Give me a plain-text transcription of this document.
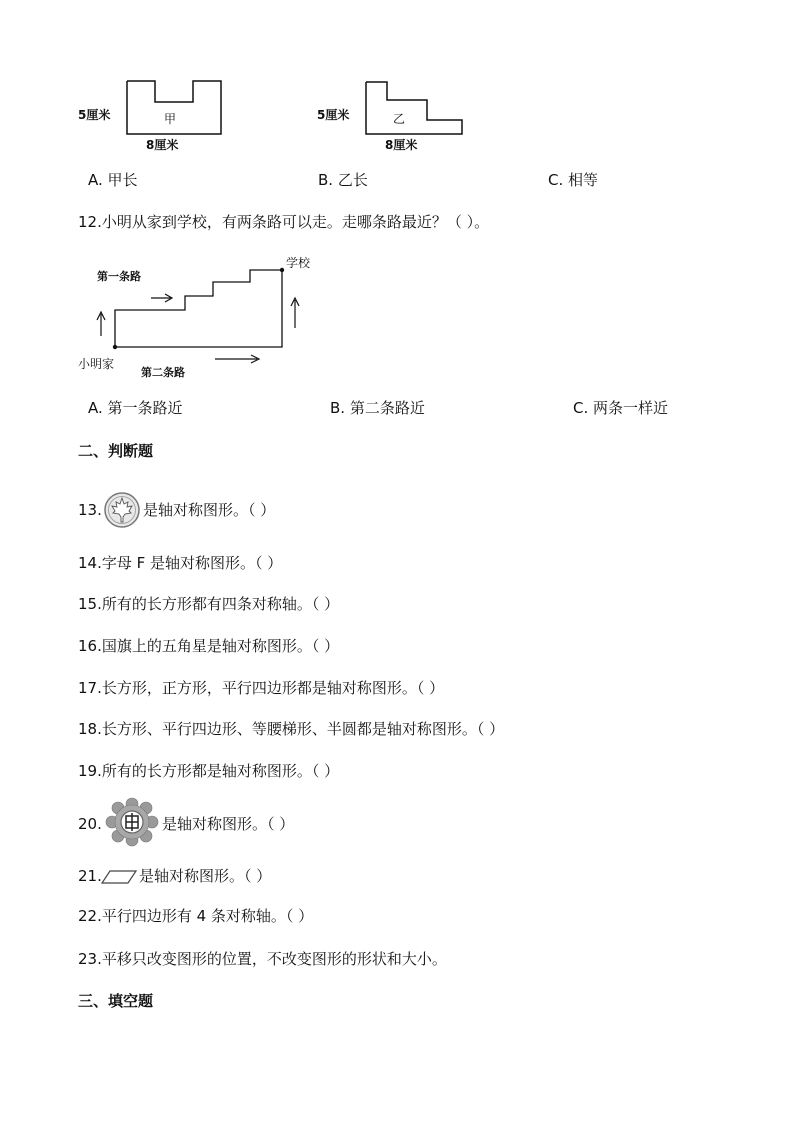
5厘米	甲
8厘米
5厘米	乙
8厘米
A. 甲长	B. 乙长	C. 相等
12.小明从家到学校，有两条路可以走。走哪条路最近？（ ）。
第一条路
第二条路
小明家
学校
A. 第一条路近	B. 第二条路近	C. 两条一样近
二、判断题
13.	是轴对称图形。（ ）
14.字母 F 是轴对称图形。（ ）
15.所有的长方形都有四条对称轴。（ ）
16.国旗上的五角星是轴对称图形。（ ）
17.长方形，正方形，平行四边形都是轴对称图形。（ ）
18.长方形、平行四边形、等腰梯形、半圆都是轴对称图形。（ ）
19.所有的长方形都是轴对称图形。（ ）
20.	是轴对称图形。（ ）
21. 是轴对称图形。（ ）
22.平行四边形有 4 条对称轴。（ ）
23.平移只改变图形的位置，不改变图形的形状和大小。
三、填空题
